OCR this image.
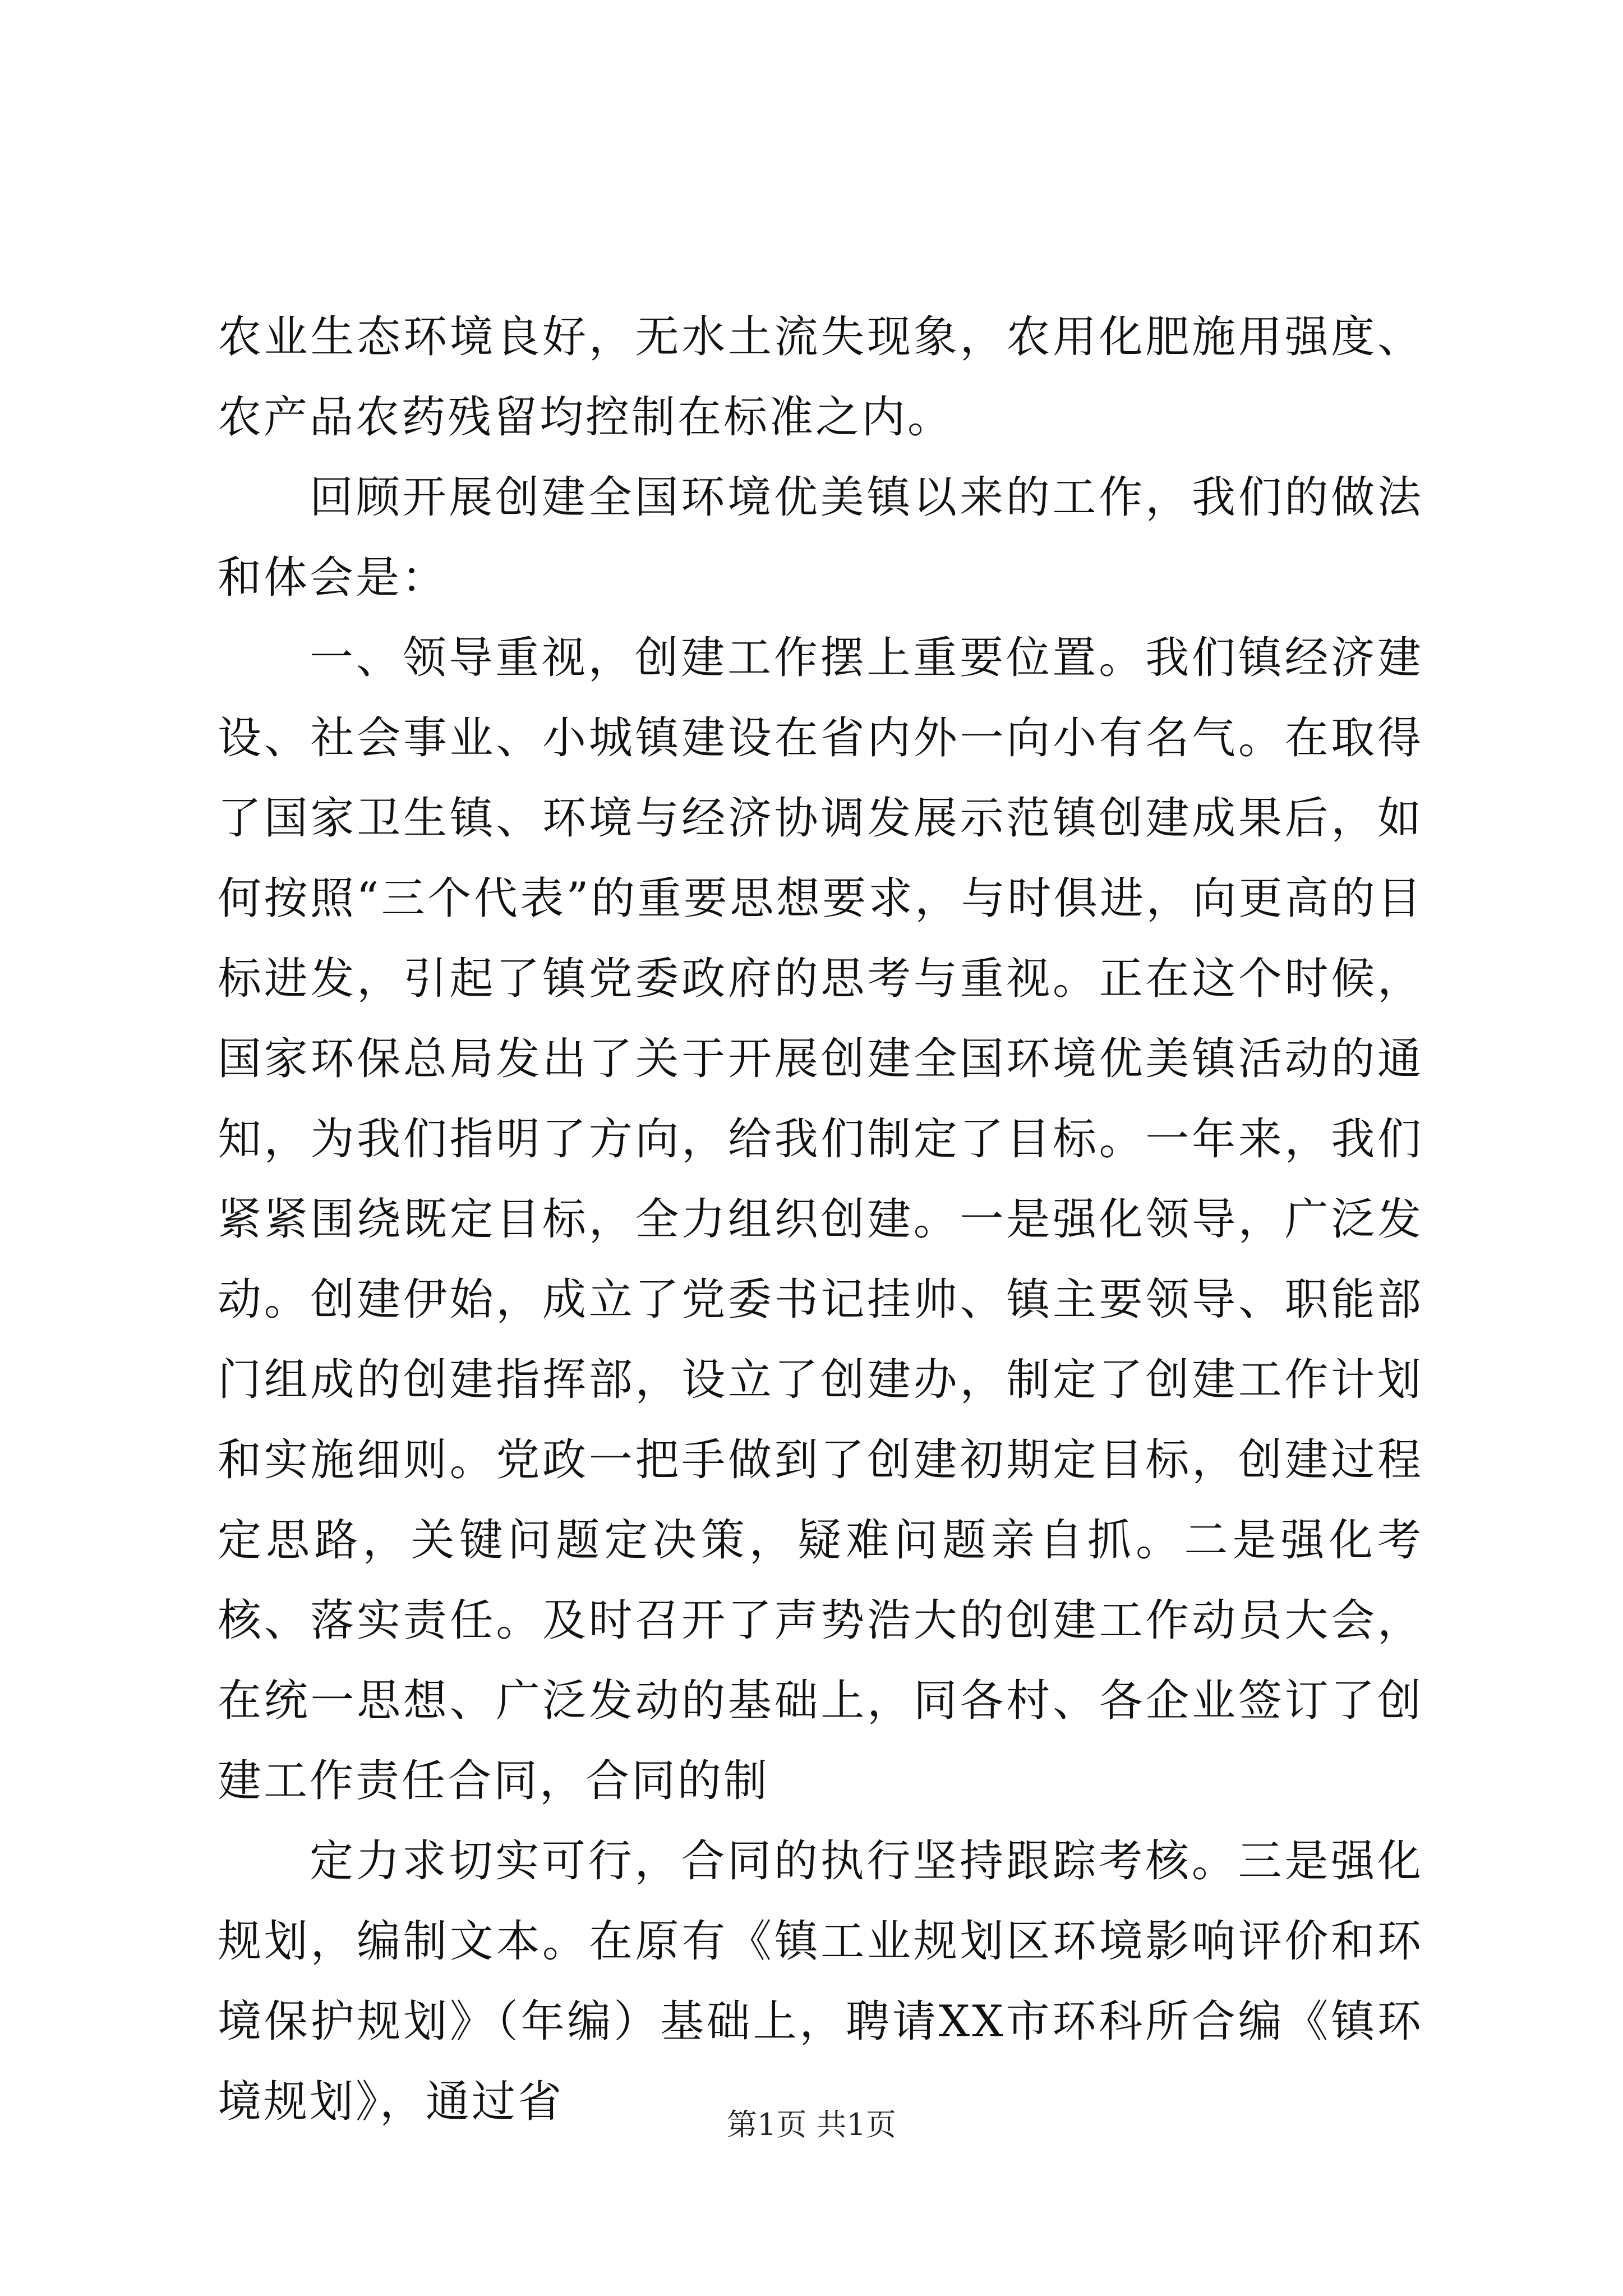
农业生态环境良好，无水土流失现象，农用化肥施用强度、农产品农药残留均控制在标准之内。

回顾开展创建全国环境优美镇以来的工作，我们的做法和体会是：

一、领导重视，创建工作摆上重要位置。我们镇经济建设、社会事业、小城镇建设在省内外一向小有名气。在取得了国家卫生镇、环境与经济协调发展示范镇创建成果后，如何按照“三个代表”的重要思想要求，与时俱进，向更高的目标进发，引起了镇党委政府的思考与重视。正在这个时候，国家环保总局发出了关于开展创建全国环境优美镇活动的通知，为我们指明了方向，给我们制定了目标。一年来，我们紧紧围绕既定目标，全力组织创建。一是强化领导，广泛发动。创建伊始，成立了党委书记挂帅、镇主要领导、职能部门组成的创建指挥部，设立了创建办，制定了创建工作计划和实施细则。党政一把手做到了创建初期定目标，创建过程定思路，关键问题定决策，疑难问题亲自抓。二是强化考核、落实责任。及时召开了声势浩大的创建工作动员大会，在统一思想、广泛发动的基础上，同各村、各企业签订了创建工作责任合同，合同的制

定力求切实可行，合同的执行坚持跟踪考核。三是强化规划，编制文本。在原有《镇工业规划区环境影响评价和环境保护规划》（年编）基础上，聘请XX市环科所合编《镇环境规划》，通过省	第1页 共1页
